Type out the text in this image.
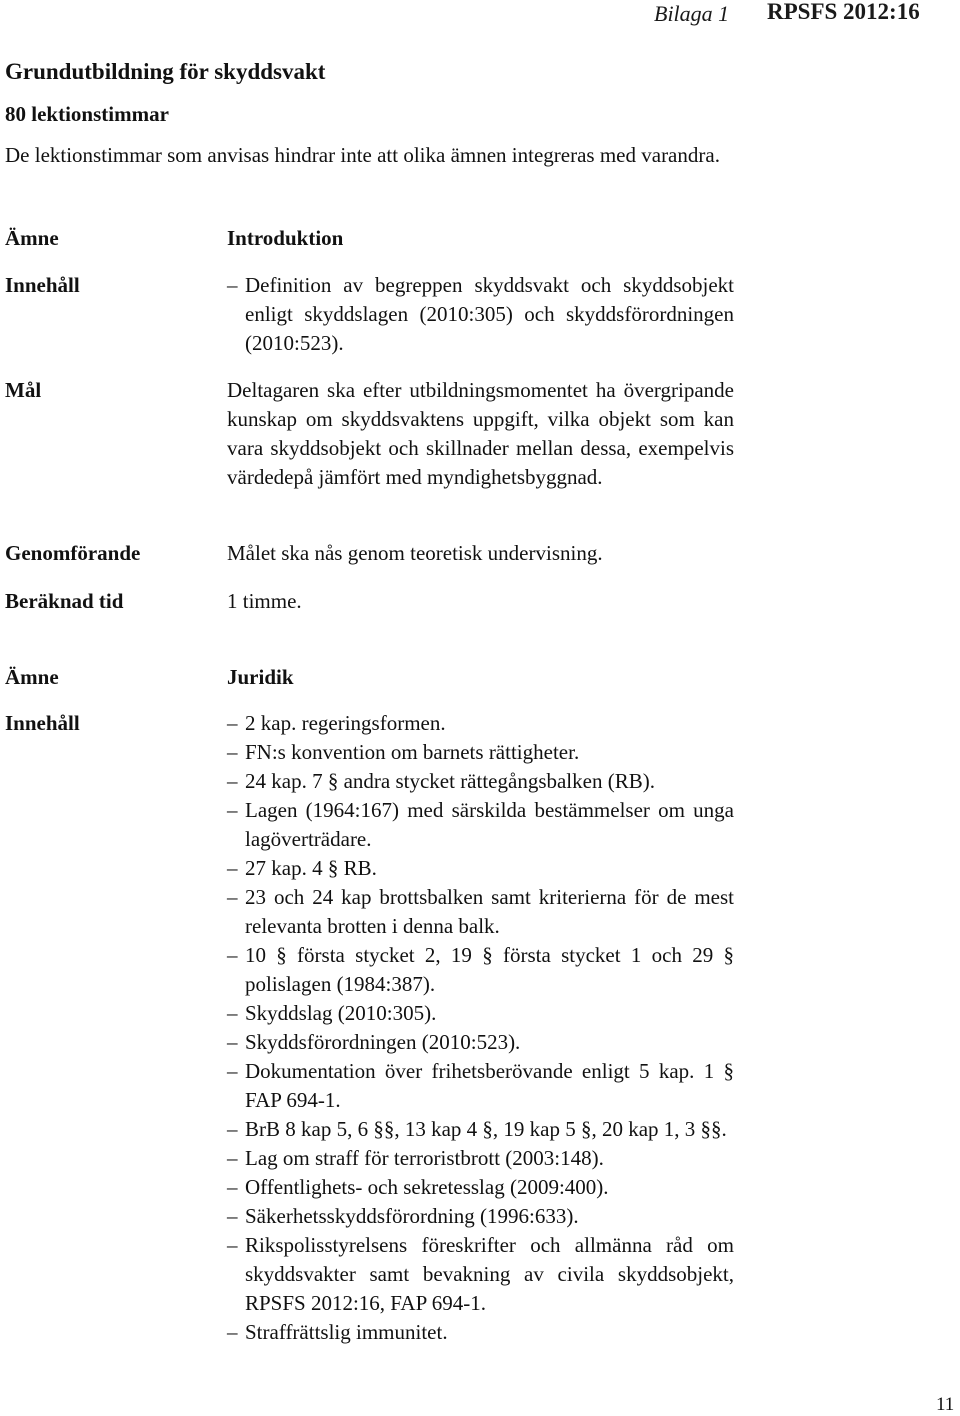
Bilaga 1 RPSFS 2012:16
Grundutbildning för skyddsvakt
80 lektionstimmar
De lektionstimmar som anvisas hindrar inte att olika ämnen integreras med varandra.
Ämne	Introduktion
Innehåll	– Definition av begreppen skyddsvakt och skyddsobjekt enligt skyddslagen (2010:305) och skyddsförordningen (2010:523).
Mål	Deltagaren ska efter utbildningsmomentet ha övergripande kunskap om skyddsvaktens uppgift, vilka objekt som kan vara skyddsobjekt och skillnader mellan dessa, exempelvis värdedepå jämfört med myndighetsbyggnad.
Genomförande	Målet ska nås genom teoretisk undervisning.
Beräknad tid	1 timme.
Ämne	Juridik
Innehåll	– 2 kap. regeringsformen.
– FN:s konvention om barnets rättigheter.
– 24 kap. 7 § andra stycket rättegångsbalken (RB).
– Lagen (1964:167) med särskilda bestämmelser om unga lagöverträdare.
– 27 kap. 4 § RB.
– 23 och 24 kap brottsbalken samt kriterierna för de mest relevanta brotten i denna balk.
– 10 § första stycket 2, 19 § första stycket 1 och 29 § polislagen (1984:387).
– Skyddslag (2010:305).
– Skyddsförordningen (2010:523).
– Dokumentation över frihetsberövande enligt 5 kap. 1 § FAP 694-1.
– BrB 8 kap 5, 6 §§, 13 kap 4 §, 19 kap 5 §, 20 kap 1, 3 §§.
– Lag om straff för terroristbrott (2003:148).
– Offentlighets- och sekretesslag (2009:400).
– Säkerhetsskyddsförordning (1996:633).
– Rikspolisstyrelsens föreskrifter och allmänna råd om skyddsvakter samt bevakning av civila skyddsobjekt, RPSFS 2012:16, FAP 694-1.
– Straffrättslig immunitet.
11
